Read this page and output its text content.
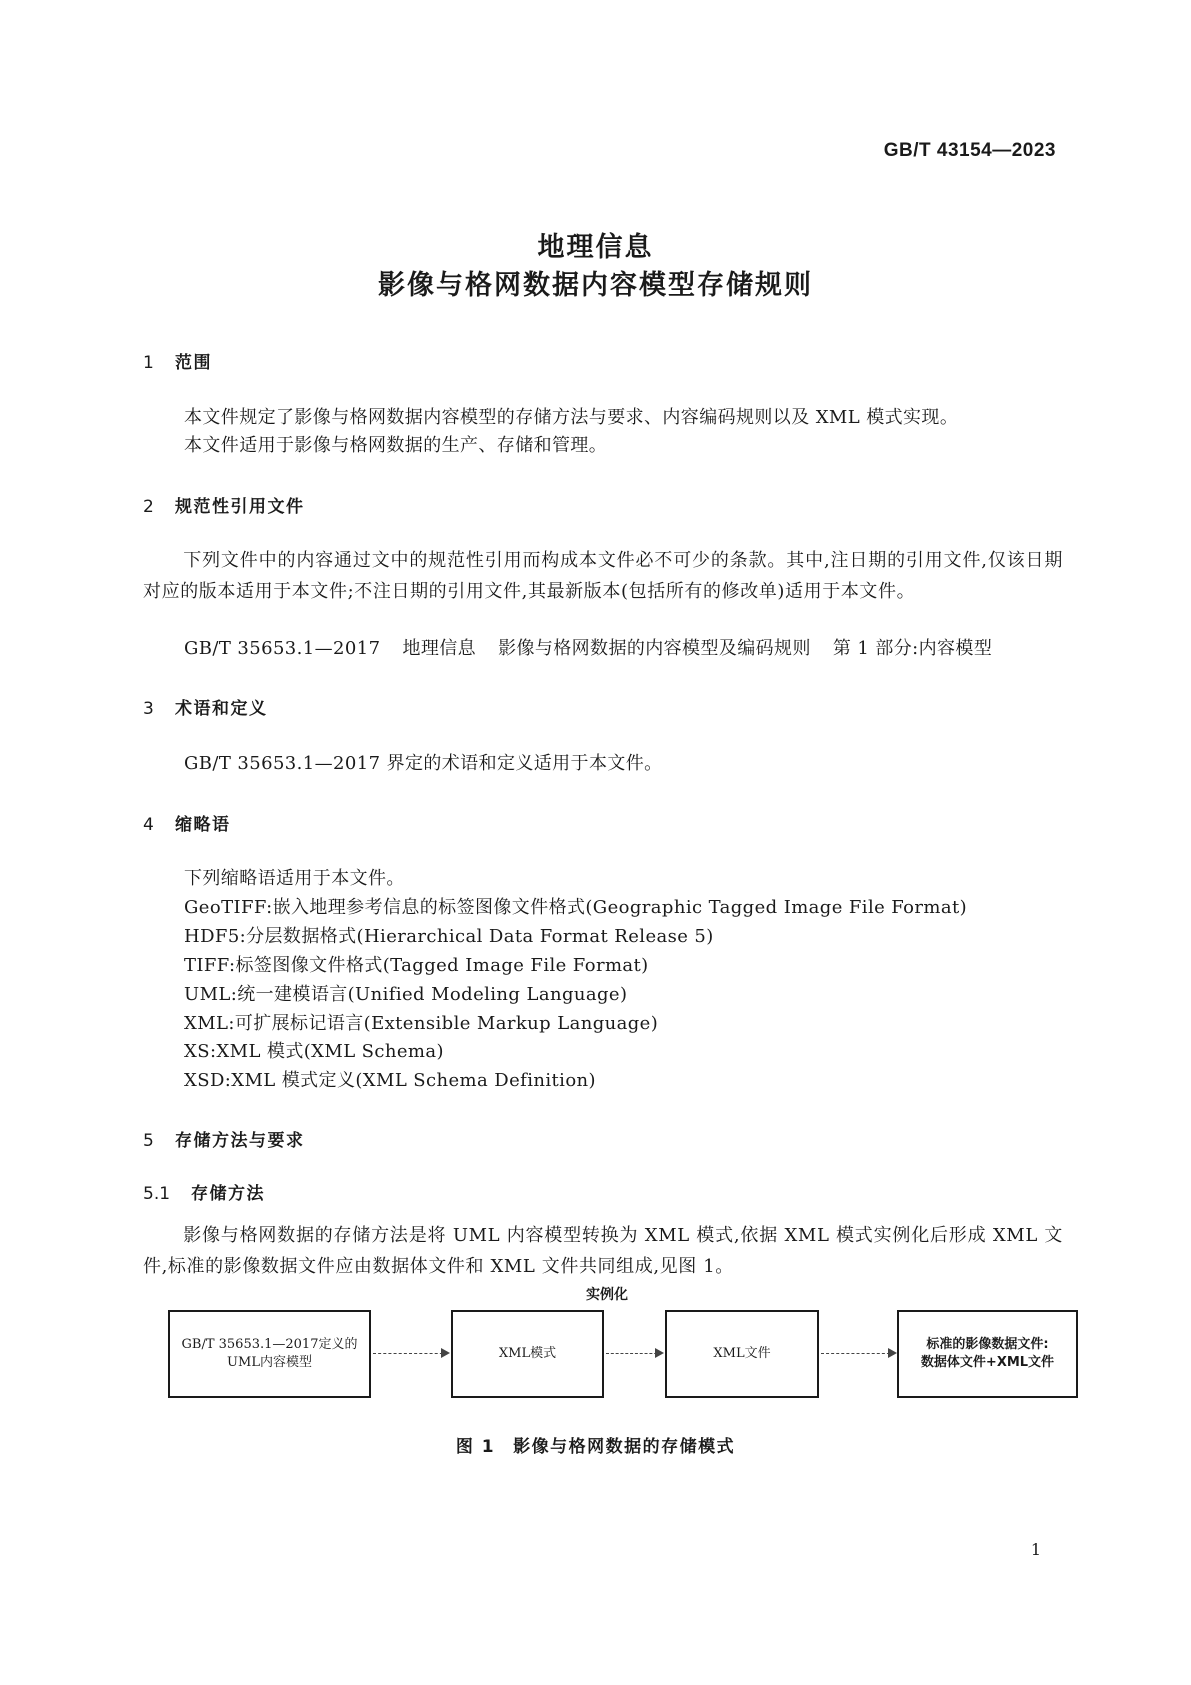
GB/T 43154—2023
地理信息
影像与格网数据内容模型存储规则
1 范围
本文件规定了影像与格网数据内容模型的存储方法与要求、内容编码规则以及 XML 模式实现。
本文件适用于影像与格网数据的生产、存储和管理。
2 规范性引用文件
下列文件中的内容通过文中的规范性引用而构成本文件必不可少的条款。其中,注日期的引用文件,仅该日期对应的版本适用于本文件;不注日期的引用文件,其最新版本(包括所有的修改单)适用于本文件。
GB/T 35653.1—2017 地理信息 影像与格网数据的内容模型及编码规则 第 1 部分:内容模型
3 术语和定义
GB/T 35653.1—2017 界定的术语和定义适用于本文件。
4 缩略语
下列缩略语适用于本文件。
GeoTIFF:嵌入地理参考信息的标签图像文件格式(Geographic Tagged Image File Format)
HDF5:分层数据格式(Hierarchical Data Format Release 5)
TIFF:标签图像文件格式(Tagged Image File Format)
UML:统一建模语言(Unified Modeling Language)
XML:可扩展标记语言(Extensible Markup Language)
XS:XML 模式(XML Schema)
XSD:XML 模式定义(XML Schema Definition)
5 存储方法与要求
5.1 存储方法
影像与格网数据的存储方法是将 UML 内容模型转换为 XML 模式,依据 XML 模式实例化后形成 XML 文件,标准的影像数据文件应由数据体文件和 XML 文件共同组成,见图 1。
GB/T 35653.1—2017定义的
UML内容模型
XML模式
实例化
XML文件
标准的影像数据文件:
数据体文件+XML文件
图 1 影像与格网数据的存储模式
1
